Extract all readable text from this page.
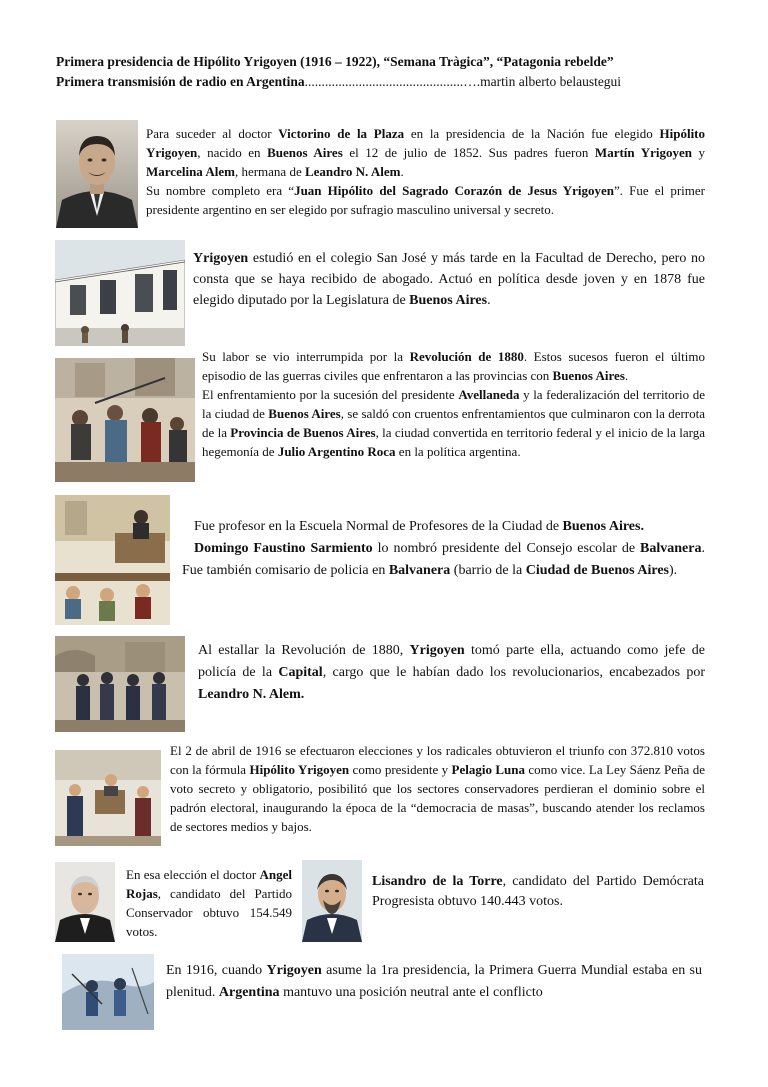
Primera presidencia de Hipólito Yrigoyen (1916 – 1922), “Semana Tràgica”, “Patagonia rebelde”
Primera transmisión de radio en Argentina...............................................….martin alberto belaustegui

Para suceder al doctor Victorino de la Plaza en la presidencia de la Nación fue elegido Hipólito Yrigoyen, nacido en Buenos Aires el 12 de julio de 1852. Sus padres fueron Martín Yrigoyen y Marcelina Alem, hermana de Leandro N. Alem.

Su nombre completo era “Juan Hipólito del Sagrado Corazón de Jesus Yrigoyen”. Fue el primer presidente argentino en ser elegido por sufragio masculino universal y secreto.

Yrigoyen estudió en el colegio San José y más tarde en la Facultad de Derecho, pero no consta que se haya recibido de abogado. Actuó en política desde joven y en 1878 fue elegido diputado por la Legislatura de Buenos Aires.

Su labor se vio interrumpida por la Revolución de 1880. Estos sucesos fueron el último episodio de las guerras civiles que enfrentaron a las provincias con Buenos Aires.

El enfrentamiento por la sucesión del presidente Avellaneda y la federalización del territorio de la ciudad de Buenos Aires, se saldó con cruentos enfrentamientos que culminaron con la derrota de la Provincia de Buenos Aires, la ciudad convertida en territorio federal y el inicio de la larga hegemonía de Julio Argentino Roca en la política argentina.

Fue profesor en la Escuela Normal de Profesores de la Ciudad de Buenos Aires.

Domingo Faustino Sarmiento lo nombró presidente del Consejo escolar de Balvanera. Fue también comisario de policia en Balvanera (barrio de la Ciudad de Buenos Aires).

Al estallar la Revolución de 1880, Yrigoyen tomó parte ella, actuando como jefe de policía de la Capital, cargo que le habían dado los revolucionarios, encabezados por Leandro N. Alem.

El 2 de abril de 1916 se efectuaron elecciones y los radicales obtuvieron el triunfo con 372.810 votos con la fórmula Hipólito Yrigoyen como presidente y Pelagio Luna como vice. La Ley Sáenz Peña de voto secreto y obligatorio, posibilitó que los sectores conservadores perdieran el dominio sobre el padrón electoral, inaugurando la época de la “democracia de masas”, buscando atender los reclamos de sectores medios y bajos.

En esa elección el doctor Angel Rojas, candidato del Partido Conservador obtuvo 154.549 votos.

Lisandro de la Torre, candidato del Partido Demócrata Progresista obtuvo 140.443 votos.

En 1916, cuando Yrigoyen asume la 1ra presidencia, la Primera Guerra Mundial estaba en su plenitud. Argentina mantuvo una posición neutral ante el conflicto
